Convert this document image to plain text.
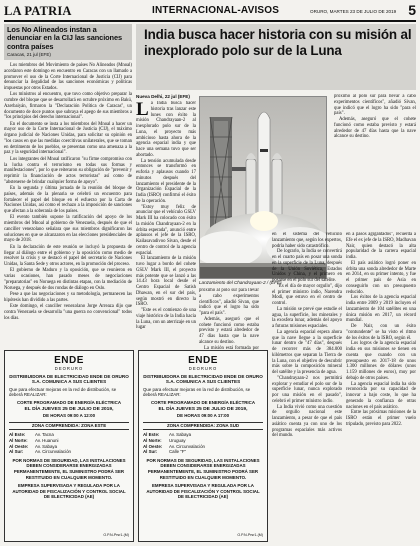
LA PATRIA	INTERNACIONAL-AVISOS	ORURO, MARTES 23 DE JULIO DE 2019 5
Los No Alineados instan a denunciar en la CIJ las sanciones contra países
Caracas, 21 jul (EFE)

Los miembros del Movimiento de países No Alineados (Mnoal) acordaron este domingo en encuentro en Caracas con un llamado a promover el uso de la Corte Internacional de Justicia (CIJ) para denunciar la ilegalidad de las sanciones económicas y políticas impuestas por otros Estados.

Los ministros al encuentro, que tuvo como objetivo preparar la cumbre del bloque que se desarrollará en octubre próximo en Bakú, Azerbaiyán, firmaron la "Declaración Política de Caracas", un documento de doce puntos que subraya el apego de sus miembros a "los principios del derecho internacional".

En el documento se insta a los miembros del Mnoal a hacer un mayor uso de la Corte Internacional de Justicia (CIJ), el máximo órgano judicial de Naciones Unidas, para solicitar su opinión en "los casos en que las medidas coercitivas unilaterales, que se toman en detrimento de los pueblos, se presentan como una amenaza a la paz y la seguridad internacional".

Los integrantes del Mnoal ratificaron "su firme compromiso con la lucha contra el terrorismo en todas sus formas y manifestaciones", por lo que reiteraron su obligación de "prevenir y reprimir la financiación de actos terroristas" así como de "abstenerse de brindar cualquier forma de apoyo".

En la segunda y última jornada de la reunión del bloque de países, además de la plenaria se celebró un encuentro para fortalecer el papel del bloque en el esfuerzo por la Carta de Naciones Unidas, así como el rechazo a la imposición de sanciones que afectan a la soberanía de los países.

El evento también supone la ratificación del apoyo de los miembros del Mnoal al gobierno de Venezuela, después de que el canciller venezolano señalara que sus miembros dignificaron las soluciones en que se alcanzaron en las elecciones presidenciales de mayo de 2018.

En la declaración de este reunión se incluyó la propuesta de llegar al diálogo entre el gobierno y la oposición como medio de resolver la crisis y se destacó el papel del secretario de Naciones Unidas, la Santa Sede y otros actores, en la promoción del proceso.

El gobierno de Maduro y la oposición, que se reunieron en varias ocasiones, han pasado meses de negociaciones "preparatorias" en Noruega en distintas etapas, con la mediación de Noruega, y después de dos rondas de diálogo en Oslo.

Pese a que las negociaciones y su metodología, permanecen las hipótesis han dividido a las partes.

Este domingo, el canciller venezolano Jorge Arreaza dijo que contra Venezuela se desarrolla "una guerra no convencional" todos los días.

India busca hacer historia con su misión al inexplorado polo sur de la Luna
Nueva Delhi, 22 jul (EFE)
L a India busca hacer historia tras lanzar este lunes con éxito la misión Chandrayaan-2 al inexplorado polo sur de la Luna, el proyecto más ambicioso hasta ahora de la agencia espacial india y que hace una semana tuvo que ser abortado.

La tensión acumulada desde entonces se transformó en euforia y aplausos cuando 17 minutos después del lanzamiento el presidente de la Organización Espacial de la India (ISRO) confirmó el éxito de la operación.

"Estoy muy feliz de anunciar que el vehículo GSLV Mark III ha colocado con éxito la misión Chandrayaan-2 en la órbita esperada", anunció entre aplausos el jefe de la ISRO, Kailasavadivoo Sivan, desde el centro de control de la agencia espacial.

El lanzamiento de la misión tuvo lugar a bordo del cohete GSLV Mark III, el proyecto más potente que se lanzó a las 14.43 hora local desde el Centro Espacial de Satish Dhawan, en el sur del país, según mostró en directo la ISRO.

"Este es el comienzo de una viaje histórico de la India hacia la Luna, con un aterrizaje en un lugar

Lanzamiento del Chandrayaan-2 / (EFE)

próximo al polo sur para llevar a cabo experimentos científicos", añadió Sivan, que indicó que el logro ha sido "para el país".

Además, aseguró que el cohete funcionó como estaba previsto y estará alrededor de 47 días hasta que la nave alcance su destino.

La misión está formada por

en el sistema del vehículo lanzamiento que, según los expertos, podría haber sido catastrófico.

De lograrlo, la India se convertirá en el cuarto país en posar una sonda en la superficie de la Luna, después de la Unión Soviética, Estados Unidos y China, y el primero en posarse en el polo sur del satélite.

"Es el día de mayor orgullo", dijo el primer ministro indio, Narendra Modi, que estuvo en el centro de control.

La misión se prevé que estudie el agua, la superficie, los minerales y la exosfera lunar, además del apoyo a futuras misiones espaciales.

La agencia espacial espera ahora que la nave llegue a la superficie lunar dentro de "47 días", después de recorrer más de 384.000 kilómetros que separan la Tierra de la Luna, con el objetivo de descubrir más sobre la composición mineral del satélite y la presencia de agua.

"Chandrayaan-2 nos permitirá explorar y estudiar el polo sur de la superficie lunar, nunca explorado por una misión en el pasado", celebró el primer ministro indio.

La India vivió como una cuestión de orgullo nacional este lanzamiento, a pesar de que el país asiático cuenta ya con uno de los programas espaciales más activos del mundo.

en a pasos agigantados", recuerda a Efe el ex jefe de la ISRO, Madhavan Nair, quien destacó la alta popularidad de la carrera espacial india.

El país asiático logró poner en órbita una sonda alrededor de Marte en 2014, en su primer intento, y fue el primer país de Asia en conseguirlo con un presupuesto reducido.

Los éxitos de la agencia espacial india entre 2009 y 2019 incluyen el lanzamiento de 104 satélites en una única misión en 2017, un récord mundial.

De Nair, con un éxito "contundente" se ha visto el ritmo de los éxitos de la ISRO, según él.

Los logros de la agencia espacial india en sus misiones se tienen en cuenta que cuando con un presupuesto en 2017-18 de unos 1.300 millones de dólares (unos 1.159 millones de euros), muy por debajo de otros países.

La agencia espacial india ha sido reconocida por su capacidad de innovar a bajo coste, lo que ha generado la confianza de otras naciones en el país asiático.

Entre las próximas misiones de la ISRO están el primer vuelo tripulado, previsto para 2022.

próximo al polo sur para llevar a cabo experimentos científicos", añadió Sivan, que indicó que el logro ha sido "para el país".

Además, aseguró que el cohete funcionó como estaba previsto y estará alrededor de 47 días hasta que la nave alcance su destino.

ENDE
DEORURO
DISTRIBUIDORA DE ELECTRICIDAD ENDE DE ORURO S.A. COMUNICA A SUS CLIENTES
Que para efectuar mejoras en la red de distribución, se deberá REALIZAR:
CORTE PROGRAMADO DE ENERGÍA ELÉCTRICA
EL DÍA JUEVES 25 DE JULIO DE 2019,
DE HORAS 09:00 A 12:00
ZONA COMPRENDIDA: ZONA ESTE
Al Este:	Av. Tacna
Al Norte:	Av. Huanuni
Al Oeste:	Av. Sabaya
Al Sur:	Av. Circunvalación
POR NORMAS DE SEGURIDAD, LAS INSTALACIONES DEBEN CONSIDERARSE ENERGIZADAS PERMANENTEMENTE, EL SUMINISTRO PODRÁ SER RESTITUIDO EN CUALQUIER MOMENTO.
EMPRESA SUPERVISADA Y REGULADA POR LA AUTORIDAD DE FISCALIZACIÓN Y CONTROL SOCIAL DE ELECTRICIDAD (AE)
O.P.N-Prsr1-(M)
ENDE
DEORURO
DISTRIBUIDORA DE ELECTRICIDAD ENDE DE ORURO S.A. COMUNICA A SUS CLIENTES
Que para efectuar mejoras en la red de distribución, se deberá REALIZAR:
CORTE PROGRAMADO DE ENERGÍA ELÉCTRICA
EL DÍA JUEVES 25 DE JULIO DE 2019,
DE HORAS 09:00 A 17:00
ZONA COMPRENDIDA: ZONA SUD
Al Este:	Av. Sabaya
Al Norte:	Uruguay
Al Oeste:	Av. Circunvalación
Al Sur:	Calle "F"
POR NORMAS DE SEGURIDAD, LAS INSTALACIONES DEBEN CONSIDERARSE ENERGIZADAS PERMANENTEMENTE, EL SUMINISTRO PODRÁ SER RESTITUIDO EN CUALQUIER MOMENTO.
EMPRESA SUPERVISADA Y REGULADA POR LA AUTORIDAD DE FISCALIZACIÓN Y CONTROL SOCIAL DE ELECTRICIDAD (AE)
O.P.N-Prsr1-(M)
